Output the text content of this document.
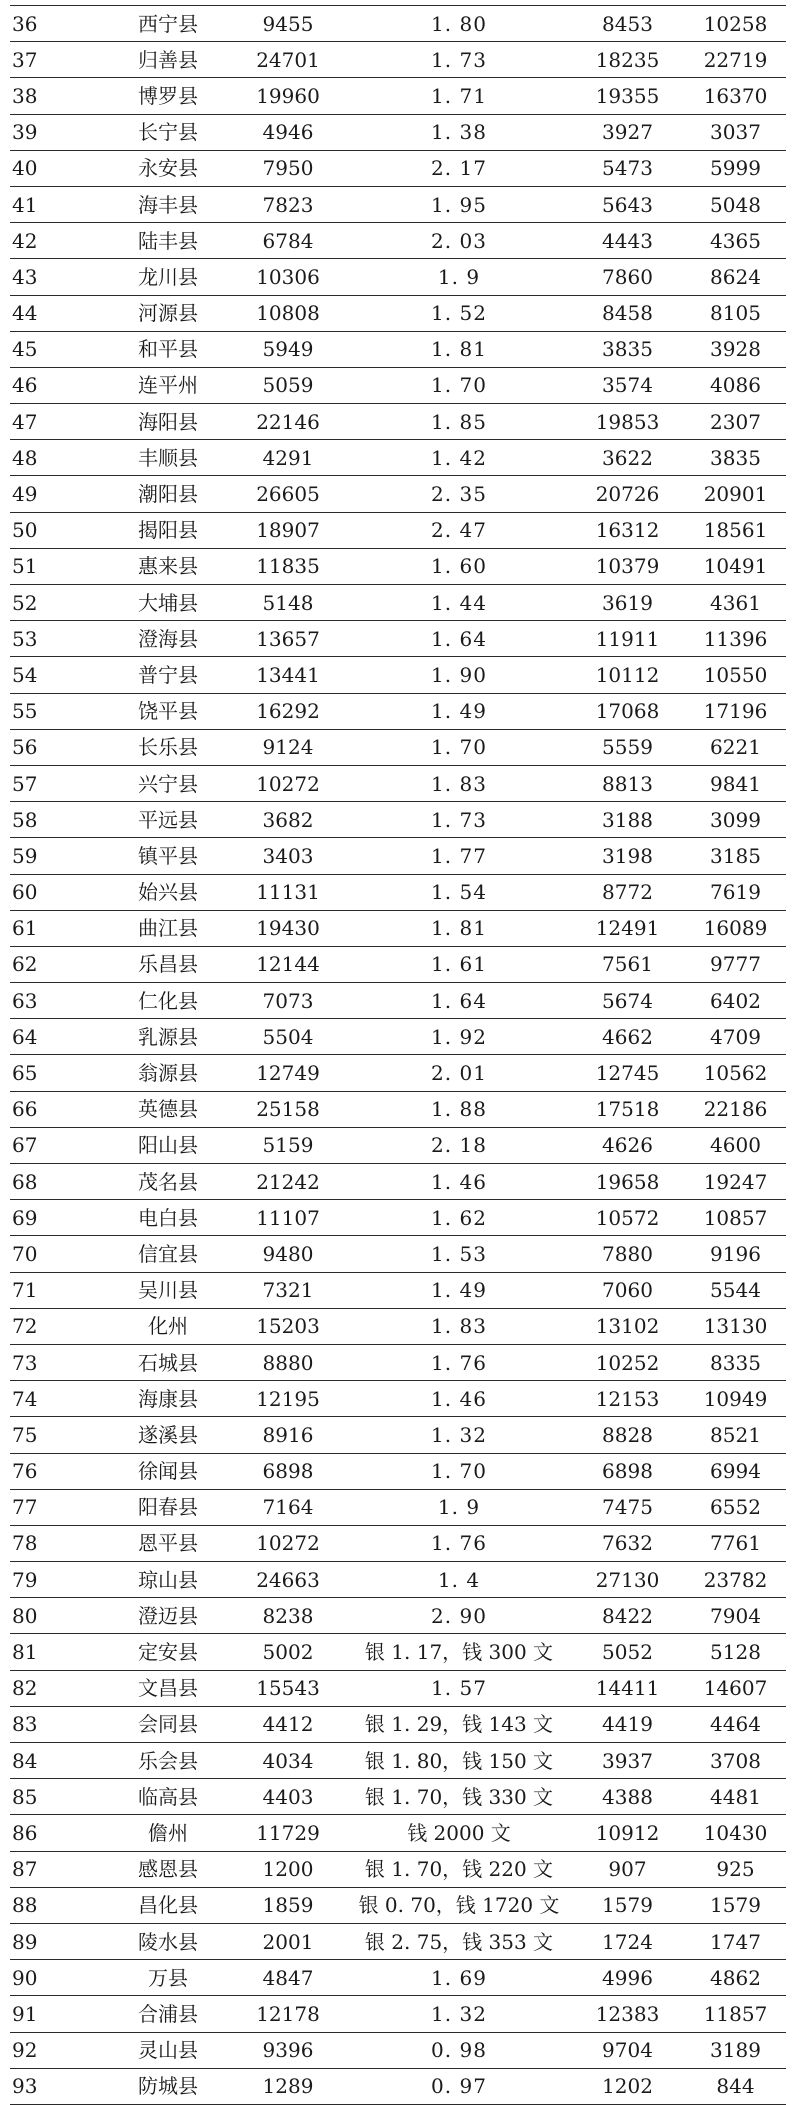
36	西宁县	9455	1. 80	8453	10258
37	归善县	24701	1. 73	18235	22719
38	博罗县	19960	1. 71	19355	16370
39	长宁县	4946	1. 38	3927	3037
40	永安县	7950	2. 17	5473	5999
41	海丰县	7823	1. 95	5643	5048
42	陆丰县	6784	2. 03	4443	4365
43	龙川县	10306	1. 9	7860	8624
44	河源县	10808	1. 52	8458	8105
45	和平县	5949	1. 81	3835	3928
46	连平州	5059	1. 70	3574	4086
47	海阳县	22146	1. 85	19853	2307
48	丰顺县	4291	1. 42	3622	3835
49	潮阳县	26605	2. 35	20726	20901
50	揭阳县	18907	2. 47	16312	18561
51	惠来县	11835	1. 60	10379	10491
52	大埔县	5148	1. 44	3619	4361
53	澄海县	13657	1. 64	11911	11396
54	普宁县	13441	1. 90	10112	10550
55	饶平县	16292	1. 49	17068	17196
56	长乐县	9124	1. 70	5559	6221
57	兴宁县	10272	1. 83	8813	9841
58	平远县	3682	1. 73	3188	3099
59	镇平县	3403	1. 77	3198	3185
60	始兴县	11131	1. 54	8772	7619
61	曲江县	19430	1. 81	12491	16089
62	乐昌县	12144	1. 61	7561	9777
63	仁化县	7073	1. 64	5674	6402
64	乳源县	5504	1. 92	4662	4709
65	翁源县	12749	2. 01	12745	10562
66	英德县	25158	1. 88	17518	22186
67	阳山县	5159	2. 18	4626	4600
68	茂名县	21242	1. 46	19658	19247
69	电白县	11107	1. 62	10572	10857
70	信宜县	9480	1. 53	7880	9196
71	吴川县	7321	1. 49	7060	5544
72	化州	15203	1. 83	13102	13130
73	石城县	8880	1. 76	10252	8335
74	海康县	12195	1. 46	12153	10949
75	遂溪县	8916	1. 32	8828	8521
76	徐闻县	6898	1. 70	6898	6994
77	阳春县	7164	1. 9	7475	6552
78	恩平县	10272	1. 76	7632	7761
79	琼山县	24663	1. 4	27130	23782
80	澄迈县	8238	2. 90	8422	7904
81	定安县	5002	银 1. 17，钱 300 文	5052	5128
82	文昌县	15543	1. 57	14411	14607
83	会同县	4412	银 1. 29，钱 143 文	4419	4464
84	乐会县	4034	银 1. 80，钱 150 文	3937	3708
85	临高县	4403	银 1. 70，钱 330 文	4388	4481
86	儋州	11729	钱 2000 文	10912	10430
87	感恩县	1200	银 1. 70，钱 220 文	907	925
88	昌化县	1859	银 0. 70，钱 1720 文	1579	1579
89	陵水县	2001	银 2. 75，钱 353 文	1724	1747
90	万县	4847	1. 69	4996	4862
91	合浦县	12178	1. 32	12383	11857
92	灵山县	9396	0. 98	9704	3189
93	防城县	1289	0. 97	1202	844
